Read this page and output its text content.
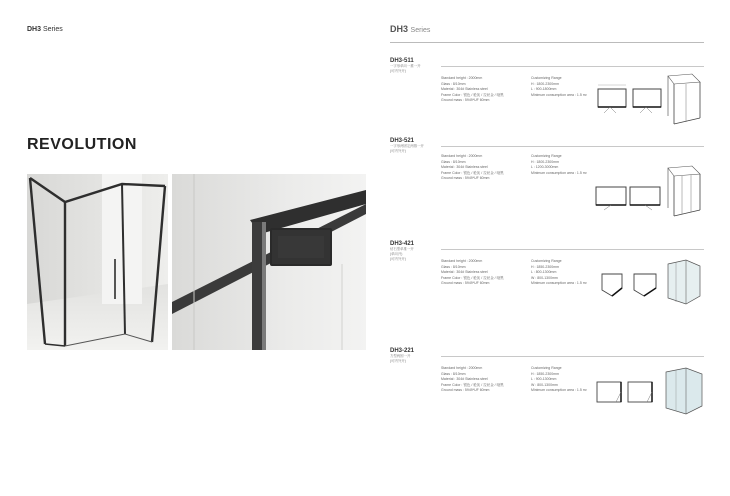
DH3 Series	DH3 Series
REVOLUTION
DH3-511
一字形单向一推一开
(可内外开)
Standard height : 2000mm
Glass : 8/10mm
Material : 304# Stainless steel
Frame Color : 银色 / 枪灰 / 拉丝金 / 哑黑
Ground mass : 5949*UF 60mm
Customizing Range
H : 1800-2300mm
L : 900-1800mm
Minimum consumption area : 1.5 m²
DH3-521
一字形两固定两推一开
(可内外开)
Standard height : 2000mm
Glass : 8/10mm
Material : 304# Stainless steel
Frame Color : 银色 / 枪灰 / 拉丝金 / 哑黑
Ground mass : 5949*UF 60mm
Customizing Range
H : 1800-2300mm
L : 1200-3000mm
Minimum consumption area : 1.5 m²
DH3-421
钻石型单推一开
(单向开)
(可内外开)	Standard height : 2000mm
Glass : 8/10mm
Material : 304# Stainless steel
Frame Color : 银色 / 枪灰 / 拉丝金 / 哑黑
Ground mass : 5949*UF 60mm
Customizing Range
H : 1850-2300mm
L : 800-1300mm
W : 800-1300mm
Minimum consumption area : 1.5 m²
DH3-221
方型两固一开
(可内外开)
Standard height : 2000mm
Glass : 8/10mm
Material : 304# Stainless steel
Frame Color : 银色 / 枪灰 / 拉丝金 / 哑黑
Ground mass : 5949*UF 60mm
Customizing Range
H : 1850-2300mm
L : 900-1300mm
W : 800-1300mm
Minimum consumption area : 1.5 m²
